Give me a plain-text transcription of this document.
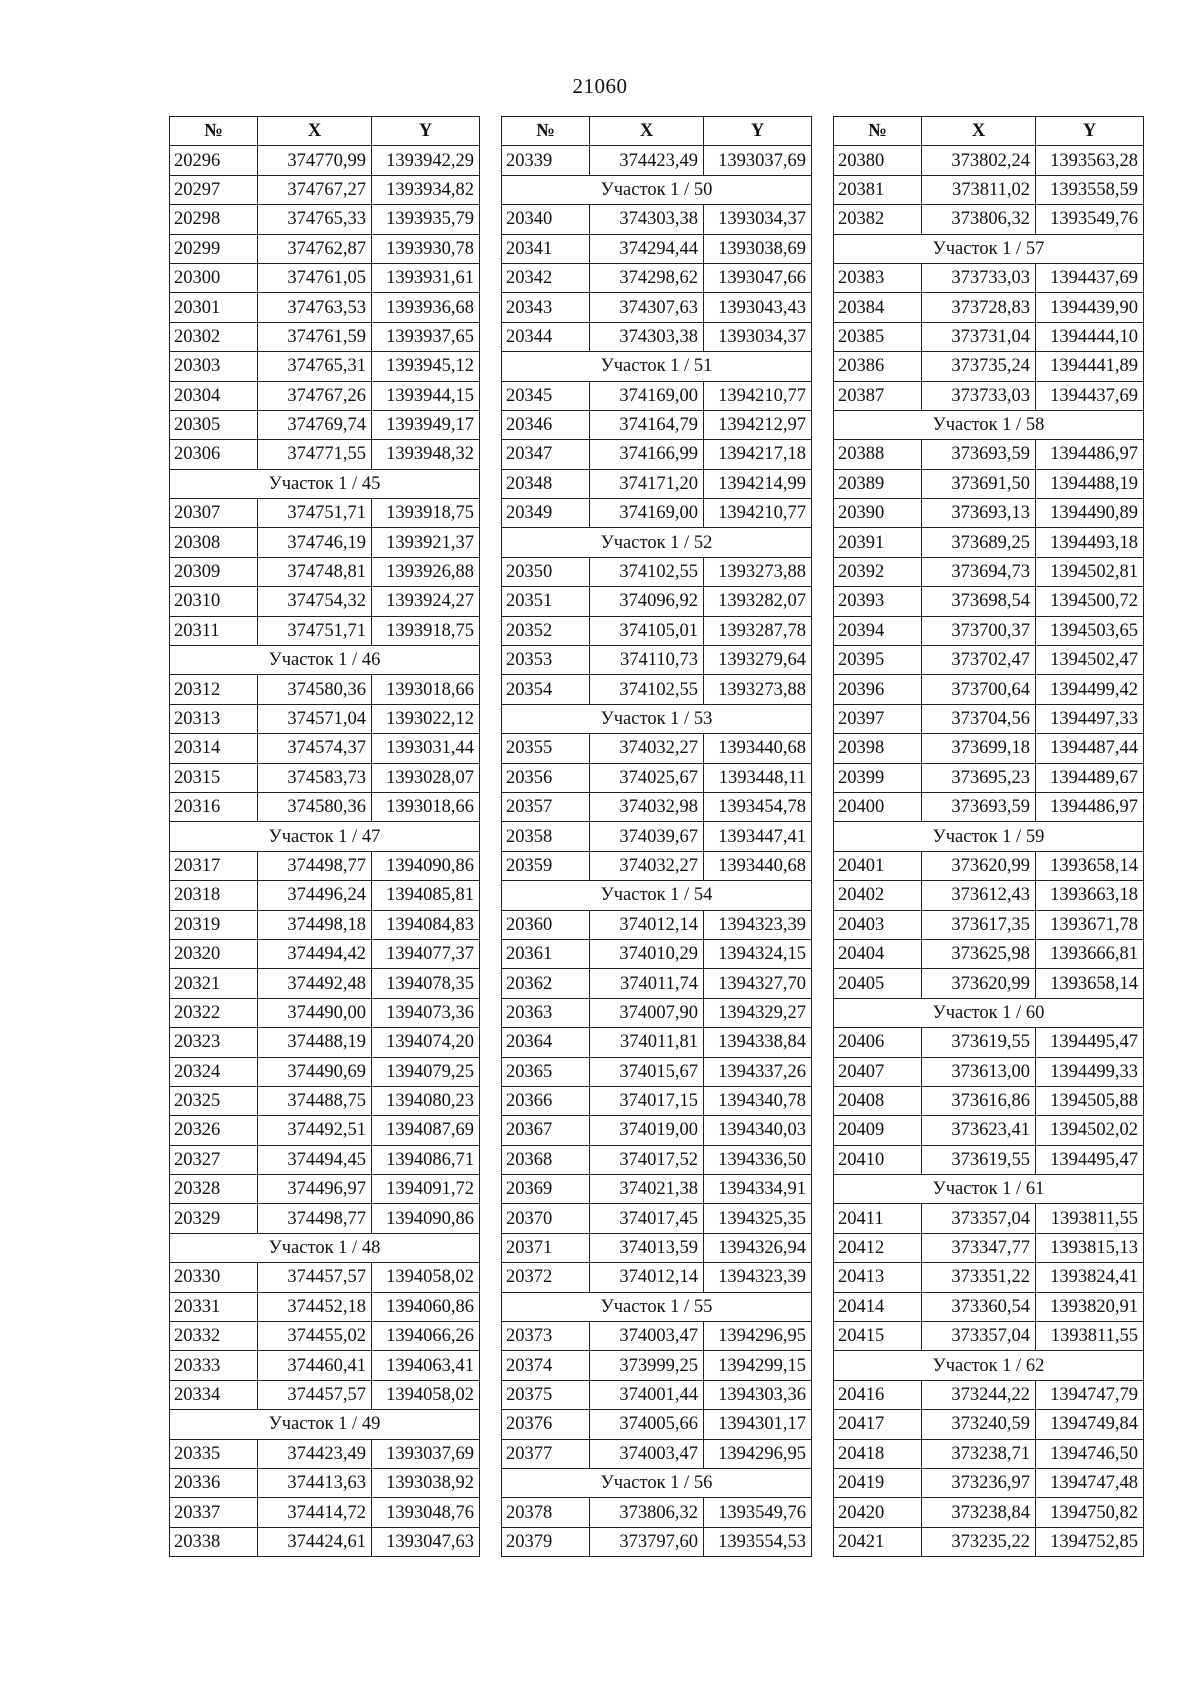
21060
№	X	Y
20296	374770,99	1393942,29
20297	374767,27	1393934,82
20298	374765,33	1393935,79
20299	374762,87	1393930,78
20300	374761,05	1393931,61
20301	374763,53	1393936,68
20302	374761,59	1393937,65
20303	374765,31	1393945,12
20304	374767,26	1393944,15
20305	374769,74	1393949,17
20306	374771,55	1393948,32
Участок 1 / 45		
20307	374751,71	1393918,75
20308	374746,19	1393921,37
20309	374748,81	1393926,88
20310	374754,32	1393924,27
20311	374751,71	1393918,75
Участок 1 / 46		
20312	374580,36	1393018,66
20313	374571,04	1393022,12
20314	374574,37	1393031,44
20315	374583,73	1393028,07
20316	374580,36	1393018,66
Участок 1 / 47		
20317	374498,77	1394090,86
20318	374496,24	1394085,81
20319	374498,18	1394084,83
20320	374494,42	1394077,37
20321	374492,48	1394078,35
20322	374490,00	1394073,36
20323	374488,19	1394074,20
20324	374490,69	1394079,25
20325	374488,75	1394080,23
20326	374492,51	1394087,69
20327	374494,45	1394086,71
20328	374496,97	1394091,72
20329	374498,77	1394090,86
Участок 1 / 48		
20330	374457,57	1394058,02
20331	374452,18	1394060,86
20332	374455,02	1394066,26
20333	374460,41	1394063,41
20334	374457,57	1394058,02
Участок 1 / 49		
20335	374423,49	1393037,69
20336	374413,63	1393038,92
20337	374414,72	1393048,76
20338	374424,61	1393047,63
№	X	Y
20339	374423,49	1393037,69
Участок 1 / 50		
20340	374303,38	1393034,37
20341	374294,44	1393038,69
20342	374298,62	1393047,66
20343	374307,63	1393043,43
20344	374303,38	1393034,37
Участок 1 / 51		
20345	374169,00	1394210,77
20346	374164,79	1394212,97
20347	374166,99	1394217,18
20348	374171,20	1394214,99
20349	374169,00	1394210,77
Участок 1 / 52		
20350	374102,55	1393273,88
20351	374096,92	1393282,07
20352	374105,01	1393287,78
20353	374110,73	1393279,64
20354	374102,55	1393273,88
Участок 1 / 53		
20355	374032,27	1393440,68
20356	374025,67	1393448,11
20357	374032,98	1393454,78
20358	374039,67	1393447,41
20359	374032,27	1393440,68
Участок 1 / 54		
20360	374012,14	1394323,39
20361	374010,29	1394324,15
20362	374011,74	1394327,70
20363	374007,90	1394329,27
20364	374011,81	1394338,84
20365	374015,67	1394337,26
20366	374017,15	1394340,78
20367	374019,00	1394340,03
20368	374017,52	1394336,50
20369	374021,38	1394334,91
20370	374017,45	1394325,35
20371	374013,59	1394326,94
20372	374012,14	1394323,39
Участок 1 / 55		
20373	374003,47	1394296,95
20374	373999,25	1394299,15
20375	374001,44	1394303,36
20376	374005,66	1394301,17
20377	374003,47	1394296,95
Участок 1 / 56		
20378	373806,32	1393549,76
20379	373797,60	1393554,53
№	X	Y
20380	373802,24	1393563,28
20381	373811,02	1393558,59
20382	373806,32	1393549,76
Участок 1 / 57		
20383	373733,03	1394437,69
20384	373728,83	1394439,90
20385	373731,04	1394444,10
20386	373735,24	1394441,89
20387	373733,03	1394437,69
Участок 1 / 58		
20388	373693,59	1394486,97
20389	373691,50	1394488,19
20390	373693,13	1394490,89
20391	373689,25	1394493,18
20392	373694,73	1394502,81
20393	373698,54	1394500,72
20394	373700,37	1394503,65
20395	373702,47	1394502,47
20396	373700,64	1394499,42
20397	373704,56	1394497,33
20398	373699,18	1394487,44
20399	373695,23	1394489,67
20400	373693,59	1394486,97
Участок 1 / 59		
20401	373620,99	1393658,14
20402	373612,43	1393663,18
20403	373617,35	1393671,78
20404	373625,98	1393666,81
20405	373620,99	1393658,14
Участок 1 / 60		
20406	373619,55	1394495,47
20407	373613,00	1394499,33
20408	373616,86	1394505,88
20409	373623,41	1394502,02
20410	373619,55	1394495,47
Участок 1 / 61		
20411	373357,04	1393811,55
20412	373347,77	1393815,13
20413	373351,22	1393824,41
20414	373360,54	1393820,91
20415	373357,04	1393811,55
Участок 1 / 62		
20416	373244,22	1394747,79
20417	373240,59	1394749,84
20418	373238,71	1394746,50
20419	373236,97	1394747,48
20420	373238,84	1394750,82
20421	373235,22	1394752,85
